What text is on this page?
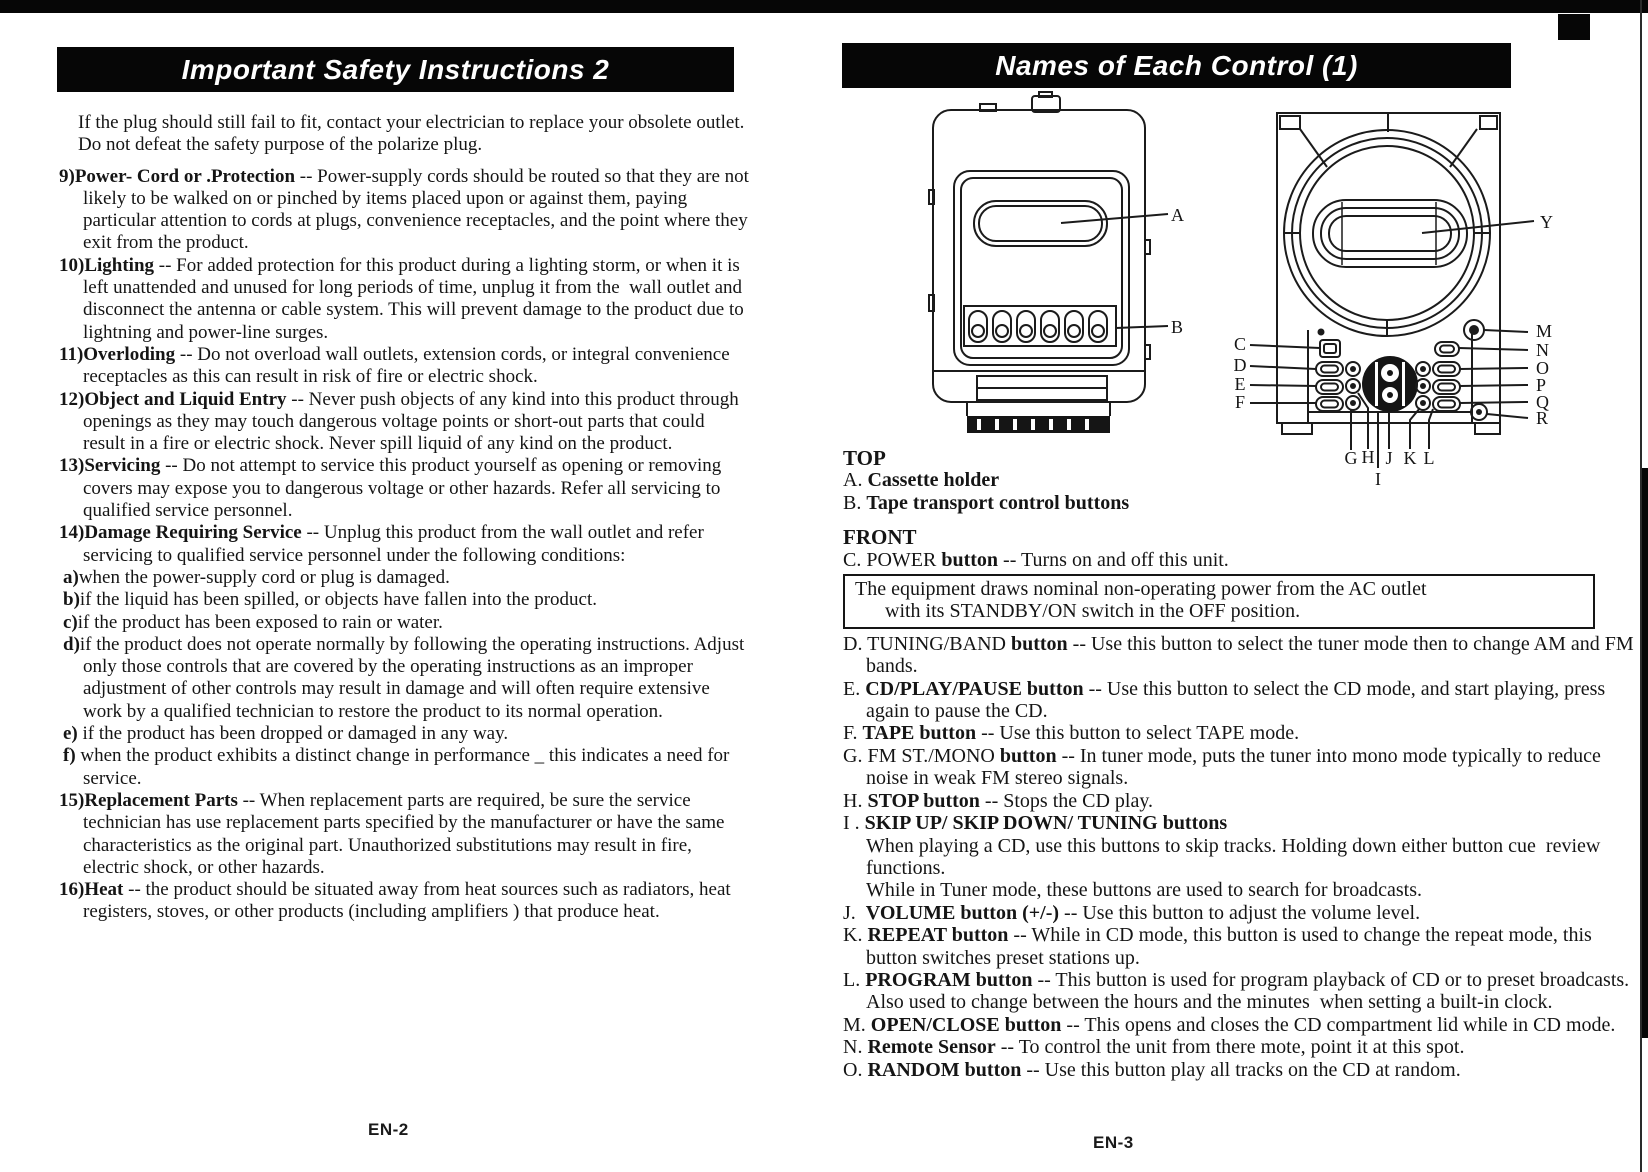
Important Safety Instructions 2	Names of Each Control (1)

If the plug should still fail to fit, contact your electrician to replace your obsolete outlet. Do not defeat the safety purpose of the polarize plug.

9)Power- Cord or .Protection -- Power-supply cords should be routed so that they are not likely to be walked on or pinched by items placed upon or against them, paying particular attention to cords at plugs, convenience receptacles, and the point where they exit from the product.

10)Lighting -- For added protection for this product during a lighting storm, or when it is left unattended and unused for long periods of time, unplug it from the  wall outlet and disconnect the antenna or cable system. This will prevent damage to the product due to lightning and power-line surges.

11)Overloding -- Do not overload wall outlets, extension cords, or integral convenience receptacles as this can result in risk of fire or electric shock.

12)Object and Liquid Entry -- Never push objects of any kind into this product through openings as they may touch dangerous voltage points or short-out parts that could result in a fire or electric shock. Never spill liquid of any kind on the product.

13)Servicing -- Do not attempt to service this product yourself as opening or removing covers may expose you to dangerous voltage or other hazards. Refer all servicing to qualified service personnel.

14)Damage Requiring Service -- Unplug this product from the wall outlet and refer servicing to qualified service personnel under the following conditions:

a)when the power-supply cord or plug is damaged.

b)if the liquid has been spilled, or objects have fallen into the product.

c)if the product has been exposed to rain or water.

d)if the product does not operate normally by following the operating instructions. Adjust only those controls that are covered by the operating instructions as an improper adjustment of other controls may result in damage and will often require extensive work by a qualified technician to restore the product to its normal operation.

e) if the product has been dropped or damaged in any way.

f) when the product exhibits a distinct change in performance _ this indicates a need for service.

15)Replacement Parts -- When replacement parts are required, be sure the service technician has use replacement parts specified by the manufacturer or have the same characteristics as the original part. Unauthorized substitutions may result in fire, electric shock, or other hazards.

16)Heat -- the product should be situated away from heat sources such as radiators, heat registers, stoves, or other products (including amplifiers ) that produce heat.

EN-2
A
B
Y
C
D
E
F
M
N
O
P
Q
R
G H
I
J K L

TOP

A. Cassette holder

B. Tape transport control buttons

FRONT

C. POWER button -- Turns on and off this unit.

The equipment draws nominal non-operating power from the AC outlet
with its STANDBY/ON switch in the OFF position.

D. TUNING/BAND button -- Use this button to select the tuner mode then to change AM and FM bands.

E. CD/PLAY/PAUSE button -- Use this button to select the CD mode, and start playing, press again to pause the CD.

F. TAPE button -- Use this button to select TAPE mode.

G. FM ST./MONO button -- In tuner mode, puts the tuner into mono mode typically to reduce noise in weak FM stereo signals.

H. STOP button -- Stops the CD play.

I . SKIP UP/ SKIP DOWN/ TUNING buttons

When playing a CD, use this buttons to skip tracks. Holding down either button cue  review functions.

While in Tuner mode, these buttons are used to search for broadcasts.

J.  VOLUME button (+/-) -- Use this button to adjust the volume level.

K. REPEAT button -- While in CD mode, this button is used to change the repeat mode, this button switches preset stations up.

L. PROGRAM button -- This button is used for program playback of CD or to preset broadcasts. Also used to change between the hours and the minutes  when setting a built-in clock.

M. OPEN/CLOSE button -- This opens and closes the CD compartment lid while in CD mode.

N. Remote Sensor -- To control the unit from there mote, point it at this spot.

O. RANDOM button -- Use this button play all tracks on the CD at random.

EN-3
